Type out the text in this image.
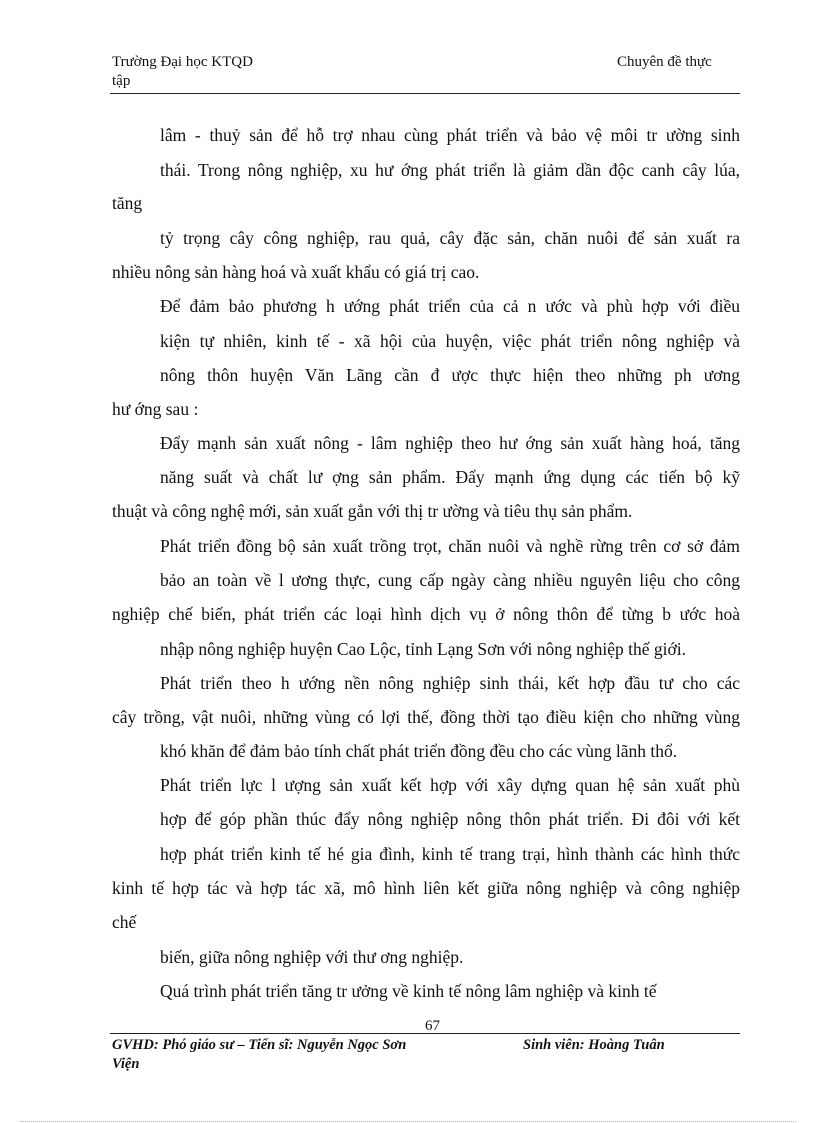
Trường Đại học KTQD
tập
Chuyên đề thực
lâm - thuỷ sản để hỗ trợ nhau cùng phát triển và bảo vệ môi tr ường sinh
thái. Trong nông nghiệp, xu hư ớng phát triển là giảm dần độc canh cây lúa,
tăng
tỷ trọng cây công nghiệp, rau quả, cây đặc sản, chăn nuôi để sản xuất ra
nhiều nông sản hàng hoá và xuất khẩu có giá trị cao.
Để đảm bảo phương h ướng phát triển của cả n ước và phù hợp với điều
kiện tự nhiên, kinh tế - xã hội của huyện, việc phát triển nông nghiệp và
nông thôn huyện Văn Lãng cần đ ược thực hiện theo những ph ương
hư ớng sau :
Đẩy mạnh sản xuất nông - lâm nghiệp theo hư ớng sản xuất hàng hoá, tăng
năng suất và chất lư ợng sản phẩm. Đẩy mạnh ứng dụng các tiến bộ kỹ
thuật và công nghệ mới, sản xuất gắn với thị tr ường và tiêu thụ sản phẩm.
Phát triển đồng bộ sản xuất trồng trọt, chăn nuôi và nghề rừng trên cơ sở đảm
bảo an toàn về l ương thực, cung cấp ngày càng nhiều nguyên liệu cho công
nghiệp chế biến, phát triển các loại hình dịch vụ ở nông thôn để từng b ước hoà
nhập nông nghiệp huyện Cao Lộc, tỉnh Lạng Sơn với nông nghiệp thế giới.
Phát triển theo h ướng nền nông nghiệp sinh thái, kết hợp đầu tư cho các
cây trồng, vật nuôi, những vùng có lợi thế, đồng thời tạo điều kiện cho những vùng
khó khăn để đảm bảo tính chất phát triển đồng đều cho các vùng lãnh thổ.
Phát triển lực l ượng sản xuất kết hợp với xây dựng quan hệ sản xuất phù
hợp để góp phần thúc đẩy nông nghiệp nông thôn phát triển. Đi đôi với kết
hợp phát triển kinh tế hé gia đình, kinh tế trang trại, hình thành các hình thức
kinh tế hợp tác và hợp tác xã, mô hình liên kết giữa nông nghiệp và công nghiệp
chế
biến, giữa nông nghiệp với thư ơng nghiệp.
Quá trình phát triển tăng tr ưởng về kinh tế nông lâm nghiệp và kinh tế
67
GVHD: Phó giáo sư – Tiến sĩ: Nguyễn Ngọc Sơn
Viện
Sinh viên: Hoàng Tuân
